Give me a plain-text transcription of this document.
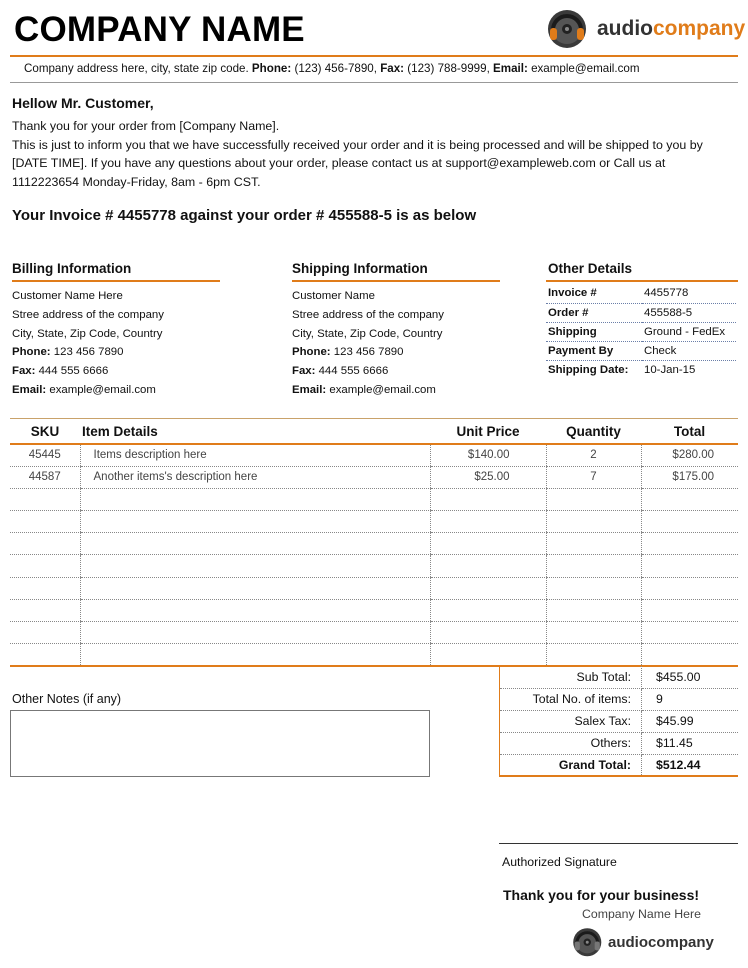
COMPANY NAME	audiocompany
Company address here, city, state zip code. Phone: (123) 456-7890, Fax: (123) 788-9999, Email: example@email.com
Hellow Mr. Customer,
Thank you for your order from [Company Name].
This is just to inform you that we have successfully received your order and it is being processed and will be shipped to you by [DATE TIME]. If you have any questions about your order, please contact us at support@exampleweb.com or Call us at 1112223654 Monday-Friday, 8am - 6pm CST.
Your Invoice # 4455778 against your order # 455588-5 is as below
Billing Information
Customer Name Here
Stree address of the company
City, State, Zip Code, Country
Phone: 123 456 7890
Fax: 444 555 6666
Email: example@email.com
Shipping Information
Customer Name
Stree address of the company
City, State, Zip Code, Country
Phone: 123 456 7890
Fax: 444 555 6666
Email: example@email.com
Other Details
Invoice #	4455778
Order #	455588-5
Shipping	Ground - FedEx
Payment By	Check
Shipping Date:	10-Jan-15
SKU	Item Details	Unit Price	Quantity	Total
45445	Items description here	$140.00	2	$280.00
44587	Another items's description here	$25.00	7	$175.00

Other Notes (if any)
Sub Total:	$455.00
Total No. of items:	9
Salex Tax:	$45.99
Others:	$11.45
Grand Total:	$512.44
Authorized Signature
Thank you for your business!
Company Name Here
audiocompany
